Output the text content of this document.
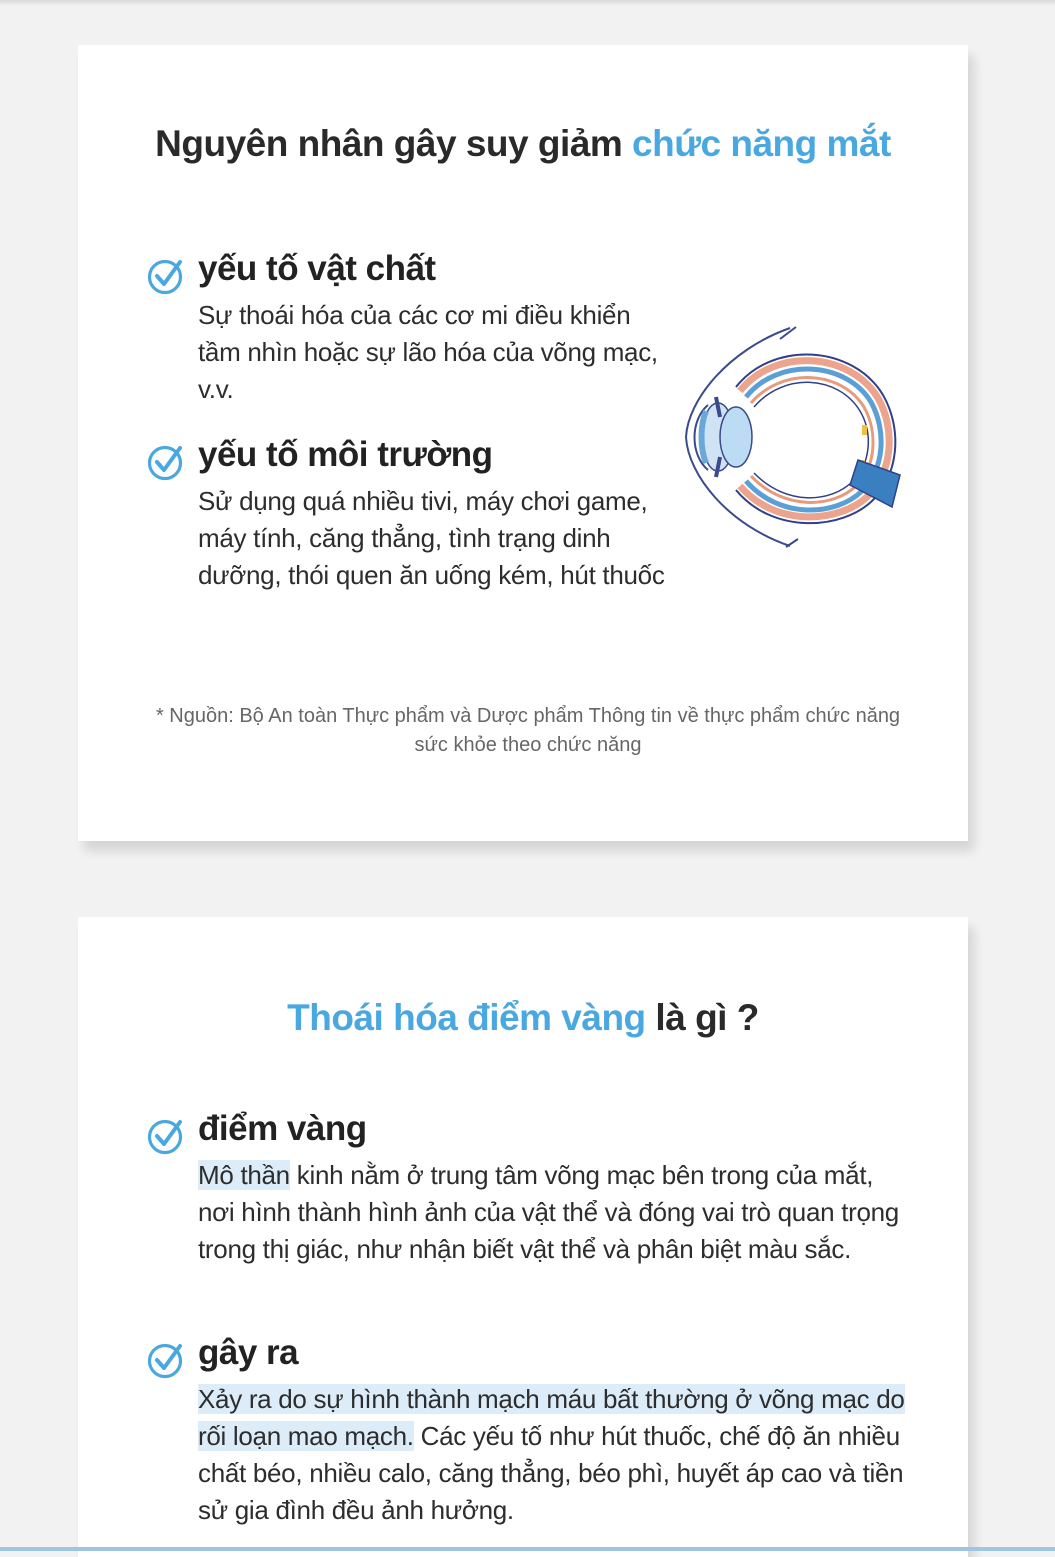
Nguyên nhân gây suy giảm chức năng mắt
yếu tố vật chất
Sự thoái hóa của các cơ mi điều khiển tầm nhìn hoặc sự lão hóa của võng mạc, v.v.
yếu tố môi trường
Sử dụng quá nhiều tivi, máy chơi game, máy tính, căng thẳng, tình trạng dinh dưỡng, thói quen ăn uống kém, hút thuốc
* Nguồn: Bộ An toàn Thực phẩm và Dược phẩm Thông tin về thực phẩm chức năng sức khỏe theo chức năng
Thoái hóa điểm vàng là gì ?
điểm vàng
Mô thần kinh nằm ở trung tâm võng mạc bên trong của mắt, nơi hình thành hình ảnh của vật thể và đóng vai trò quan trọng trong thị giác, như nhận biết vật thể và phân biệt màu sắc.
gây ra
Xảy ra do sự hình thành mạch máu bất thường ở võng mạc do rối loạn mao mạch. Các yếu tố như hút thuốc, chế độ ăn nhiều chất béo, nhiều calo, căng thẳng, béo phì, huyết áp cao và tiền sử gia đình đều ảnh hưởng.
